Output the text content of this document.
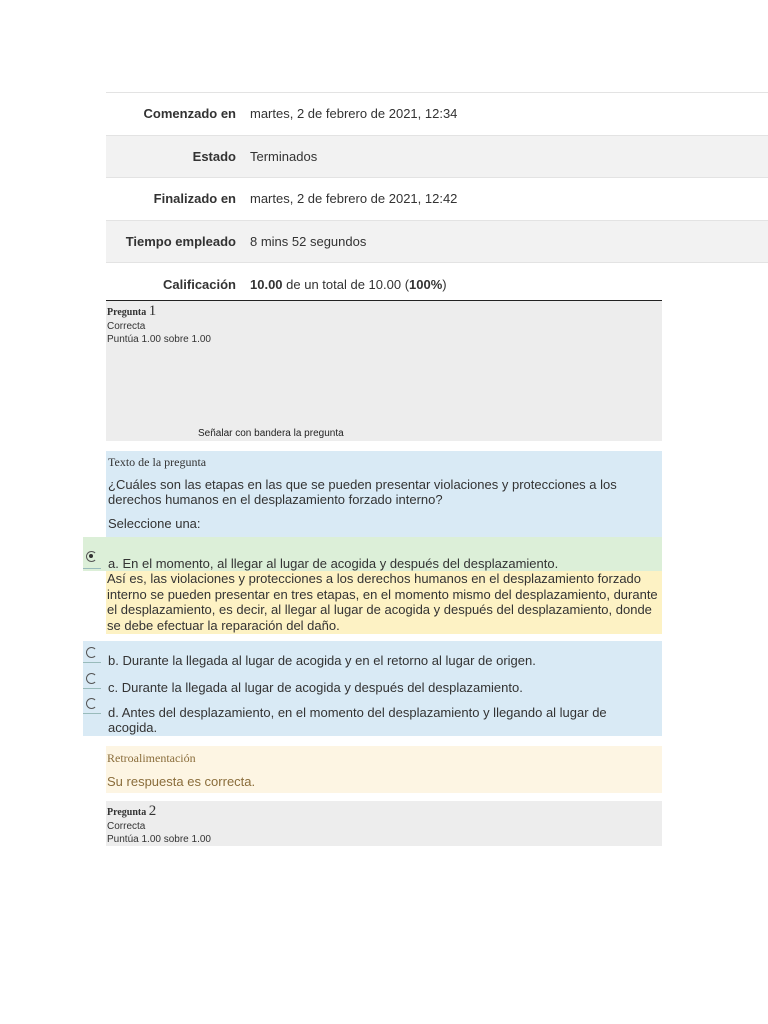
Comenzado en	martes, 2 de febrero de 2021, 12:34
Estado	Terminados
Finalizado en	martes, 2 de febrero de 2021, 12:42
Tiempo empleado	8 mins 52 segundos
Calificación	10.00 de un total de 10.00 (100%)
Pregunta 1
Correcta
Puntúa 1.00 sobre 1.00
Señalar con bandera la pregunta
Texto de la pregunta
¿Cuáles son las etapas en las que se pueden presentar violaciones y protecciones a los derechos humanos en el desplazamiento forzado interno?
Seleccione una:
a. En el momento, al llegar al lugar de acogida y después del desplazamiento.
Así es, las violaciones y protecciones a los derechos humanos en el desplazamiento forzado interno se pueden presentar en tres etapas, en el momento mismo del desplazamiento, durante el desplazamiento, es decir, al llegar al lugar de acogida y después del desplazamiento, donde se debe efectuar la reparación del daño.
b. Durante la llegada al lugar de acogida y en el retorno al lugar de origen.
c. Durante la llegada al lugar de acogida y después del desplazamiento.
d. Antes del desplazamiento, en el momento del desplazamiento y llegando al lugar de acogida.
Retroalimentación
Su respuesta es correcta.
Pregunta 2
Correcta
Puntúa 1.00 sobre 1.00
